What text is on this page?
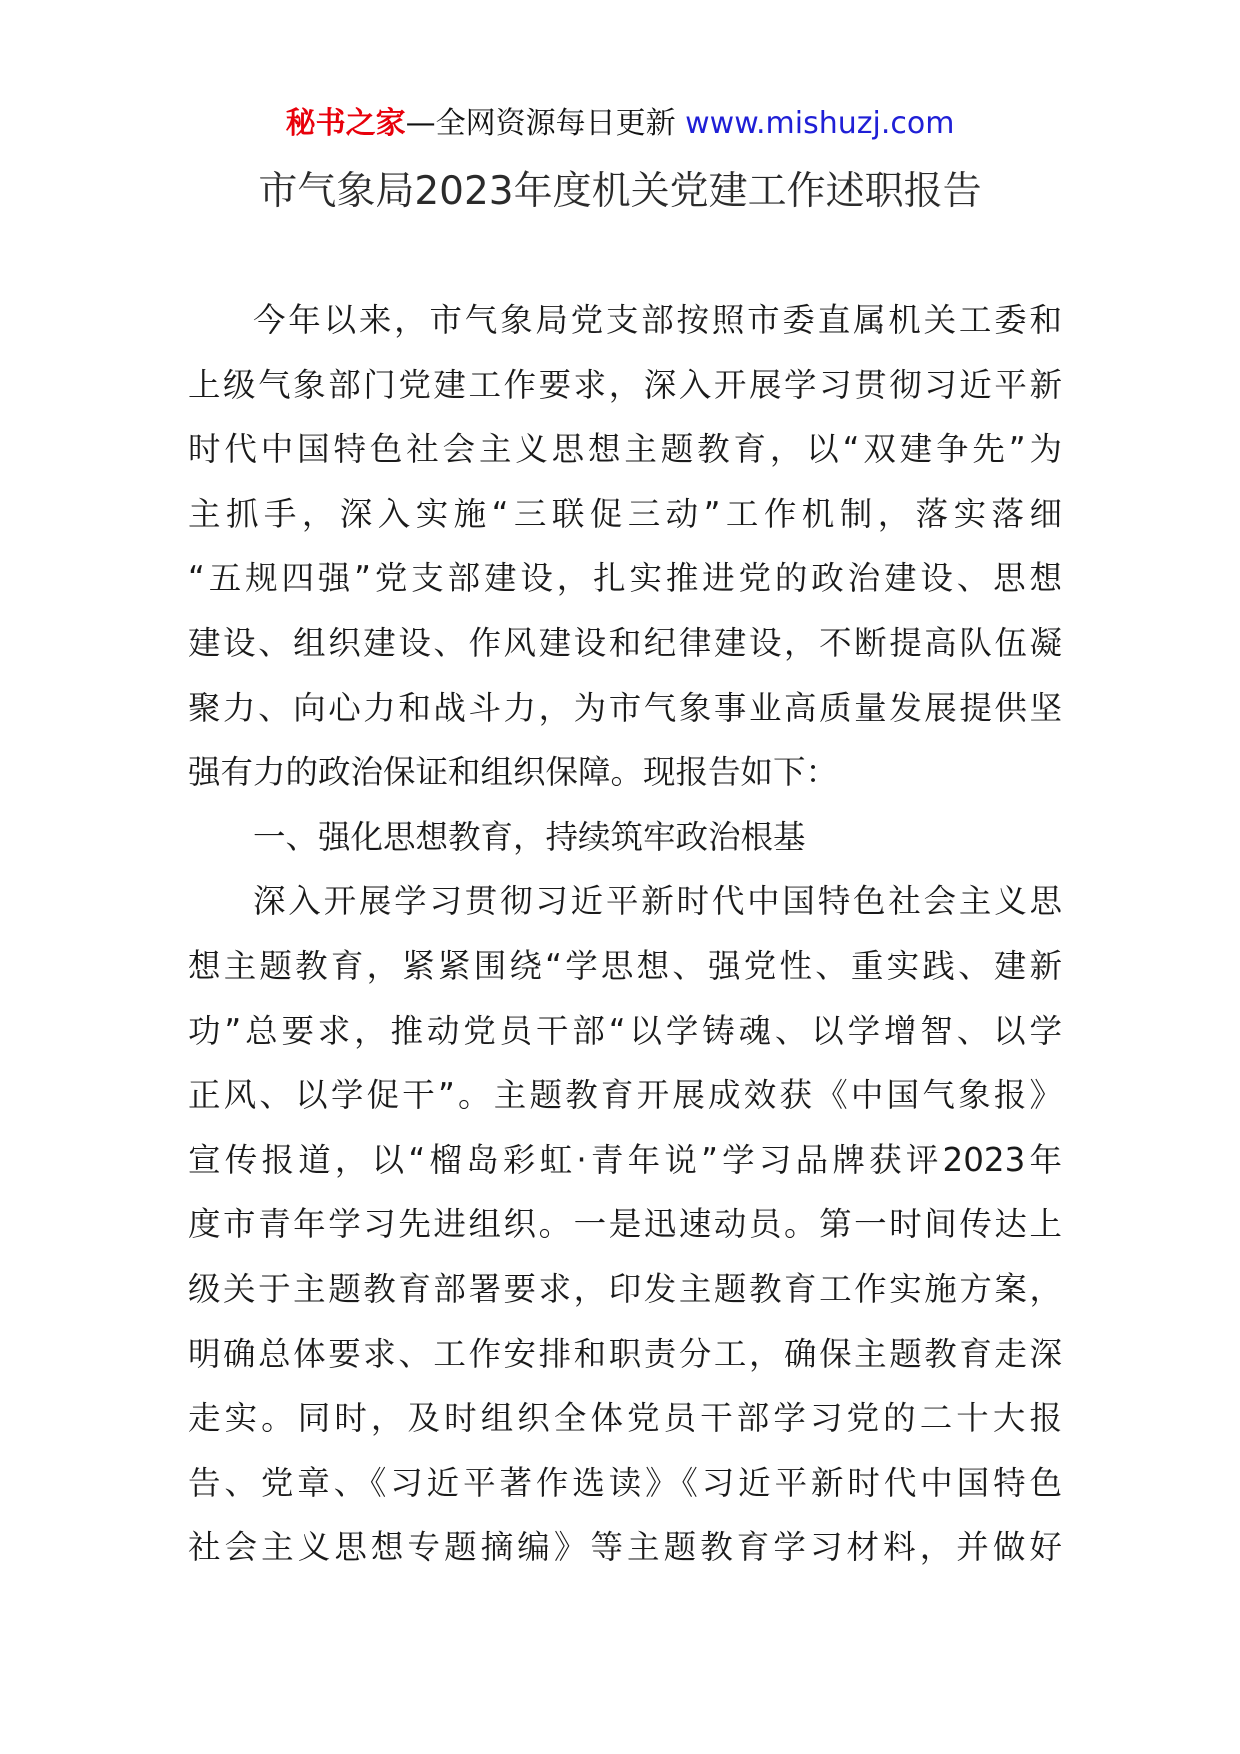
秘书之家—全网资源每日更新 www.mishuzj.com
市气象局2023年度机关党建工作述职报告
今年以来，市气象局党支部按照市委直属机关工委和
上级气象部门党建工作要求，深入开展学习贯彻习近平新
时代中国特色社会主义思想主题教育，以“双建争先”为
主抓手，深入实施“三联促三动”工作机制，落实落细
“五规四强”党支部建设，扎实推进党的政治建设、思想
建设、组织建设、作风建设和纪律建设，不断提高队伍凝
聚力、向心力和战斗力，为市气象事业高质量发展提供坚
强有力的政治保证和组织保障。现报告如下：
一、强化思想教育，持续筑牢政治根基
深入开展学习贯彻习近平新时代中国特色社会主义思
想主题教育，紧紧围绕“学思想、强党性、重实践、建新
功”总要求，推动党员干部“以学铸魂、以学增智、以学
正风、以学促干”。主题教育开展成效获《中国气象报》
宣传报道，以“榴岛彩虹·青年说”学习品牌获评2023年
度市青年学习先进组织。一是迅速动员。第一时间传达上
级关于主题教育部署要求，印发主题教育工作实施方案，
明确总体要求、工作安排和职责分工，确保主题教育走深
走实。同时，及时组织全体党员干部学习党的二十大报
告、党章、《习近平著作选读》《习近平新时代中国特色
社会主义思想专题摘编》等主题教育学习材料，并做好
